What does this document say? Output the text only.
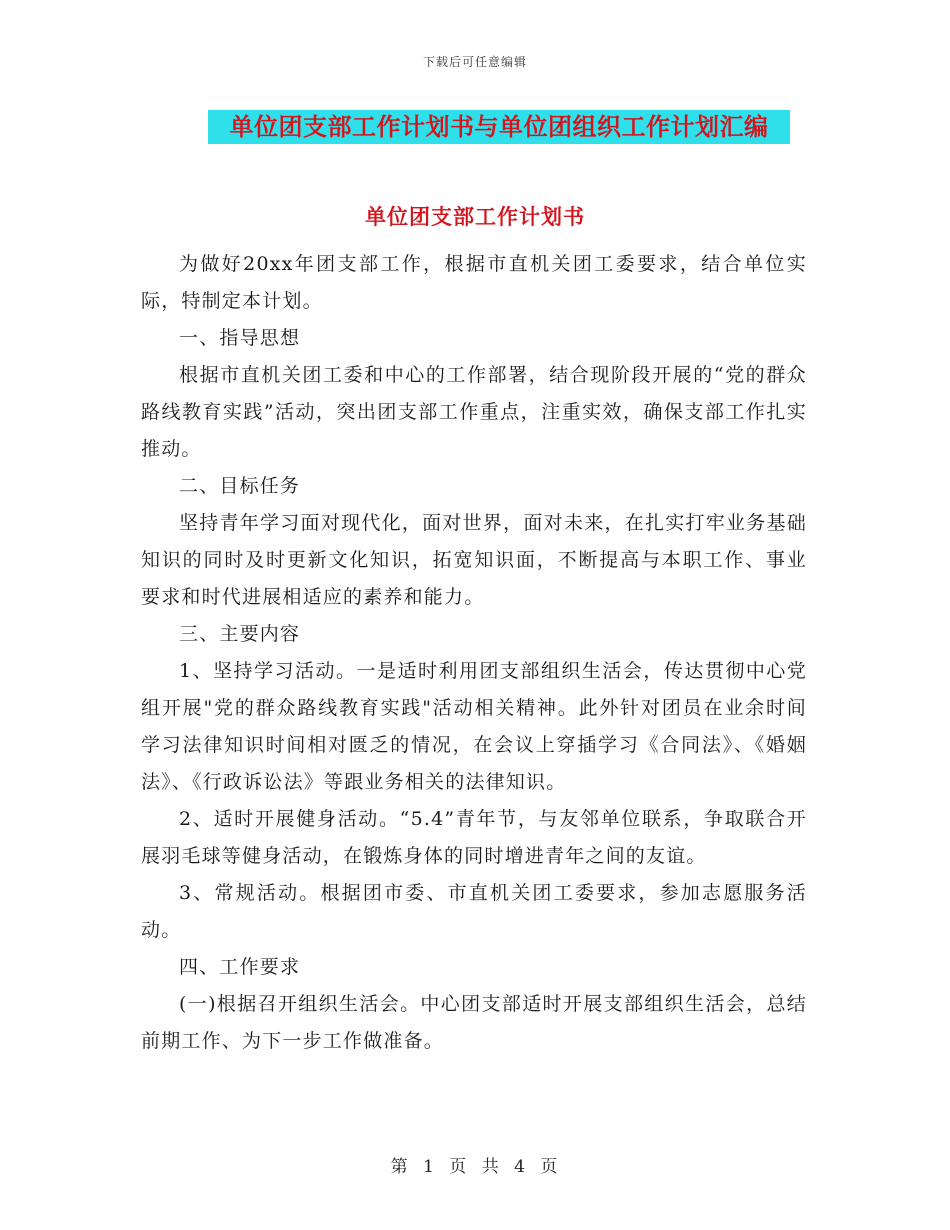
下载后可任意编辑
单位团支部工作计划书与单位团组织工作计划汇编
单位团支部工作计划书

为做好20xx年团支部工作，根据市直机关团工委要求，结合单位实际，特制定本计划。

一、指导思想

根据市直机关团工委和中心的工作部署，结合现阶段开展的“党的群众路线教育实践”活动，突出团支部工作重点，注重实效，确保支部工作扎实推动。

二、目标任务

坚持青年学习面对现代化，面对世界，面对未来，在扎实打牢业务基础知识的同时及时更新文化知识，拓宽知识面，不断提高与本职工作、事业要求和时代进展相适应的素养和能力。

三、主要内容

1、坚持学习活动。一是适时利用团支部组织生活会，传达贯彻中心党组开展"党的群众路线教育实践"活动相关精神。此外针对团员在业余时间学习法律知识时间相对匮乏的情况，在会议上穿插学习《合同法》、《婚姻法》、《行政诉讼法》等跟业务相关的法律知识。

2、适时开展健身活动。“5.4”青年节，与友邻单位联系，争取联合开展羽毛球等健身活动，在锻炼身体的同时增进青年之间的友谊。

3、常规活动。根据团市委、市直机关团工委要求，参加志愿服务活动。

四、工作要求

(一)根据召开组织生活会。中心团支部适时开展支部组织生活会，总结前期工作、为下一步工作做准备。

第 1 页 共 4 页
